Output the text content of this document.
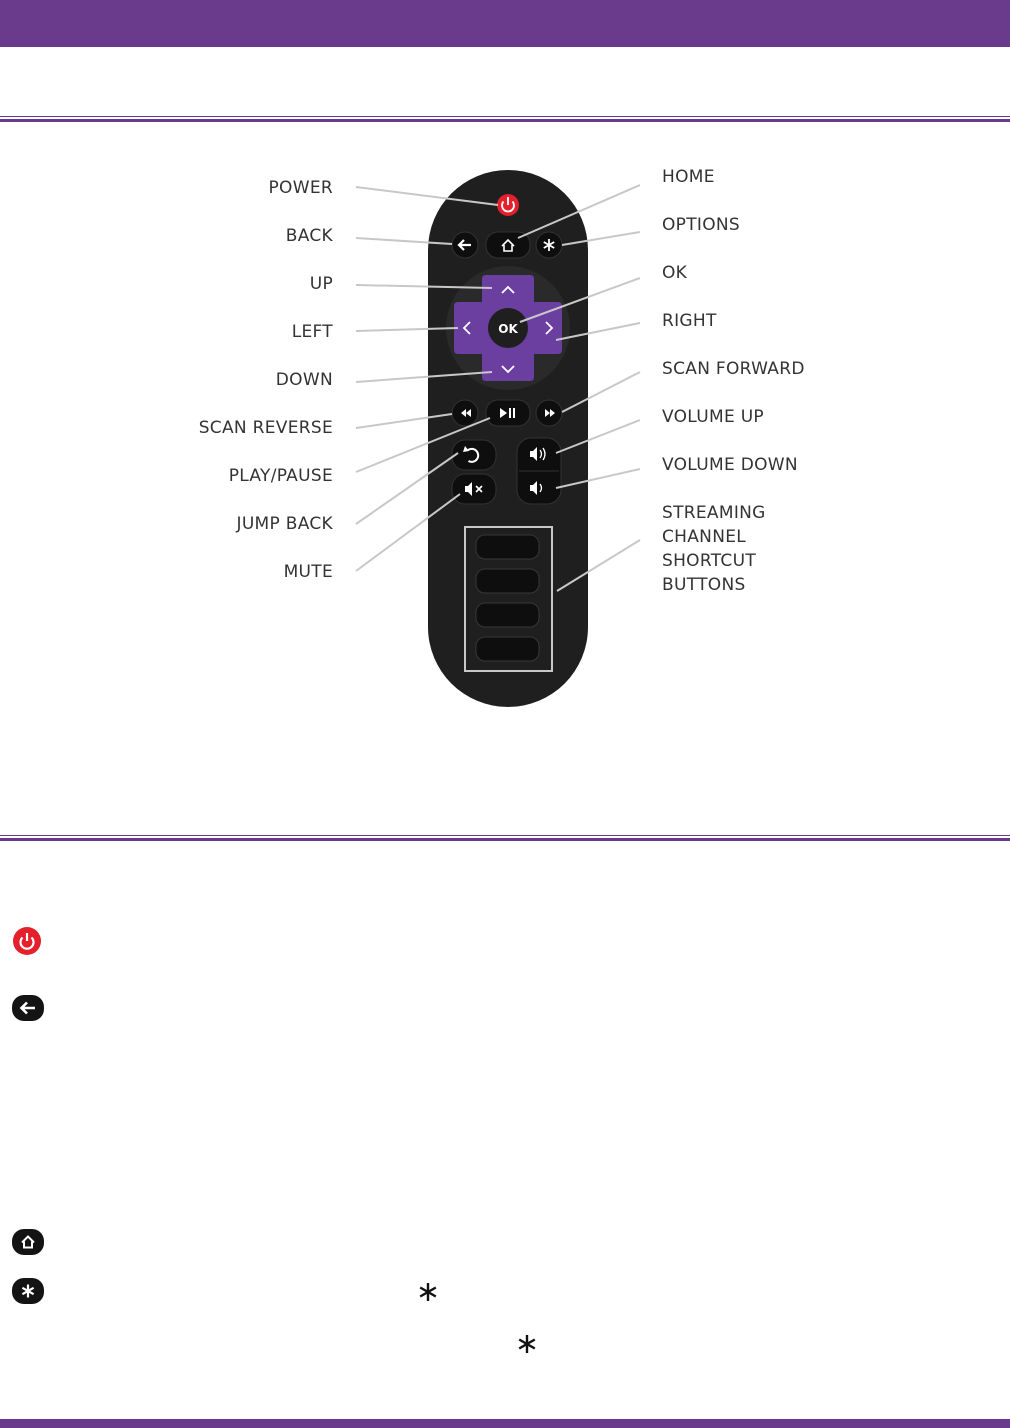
OK
POWER
BACK
UP
LEFT
DOWN
SCAN REVERSE
PLAY/PAUSE
JUMP BACK
MUTE
HOME
OPTIONS
OK
RIGHT
SCAN FORWARD
VOLUME UP
VOLUME DOWN
STREAMING
CHANNEL
SHORTCUT
BUTTONS
